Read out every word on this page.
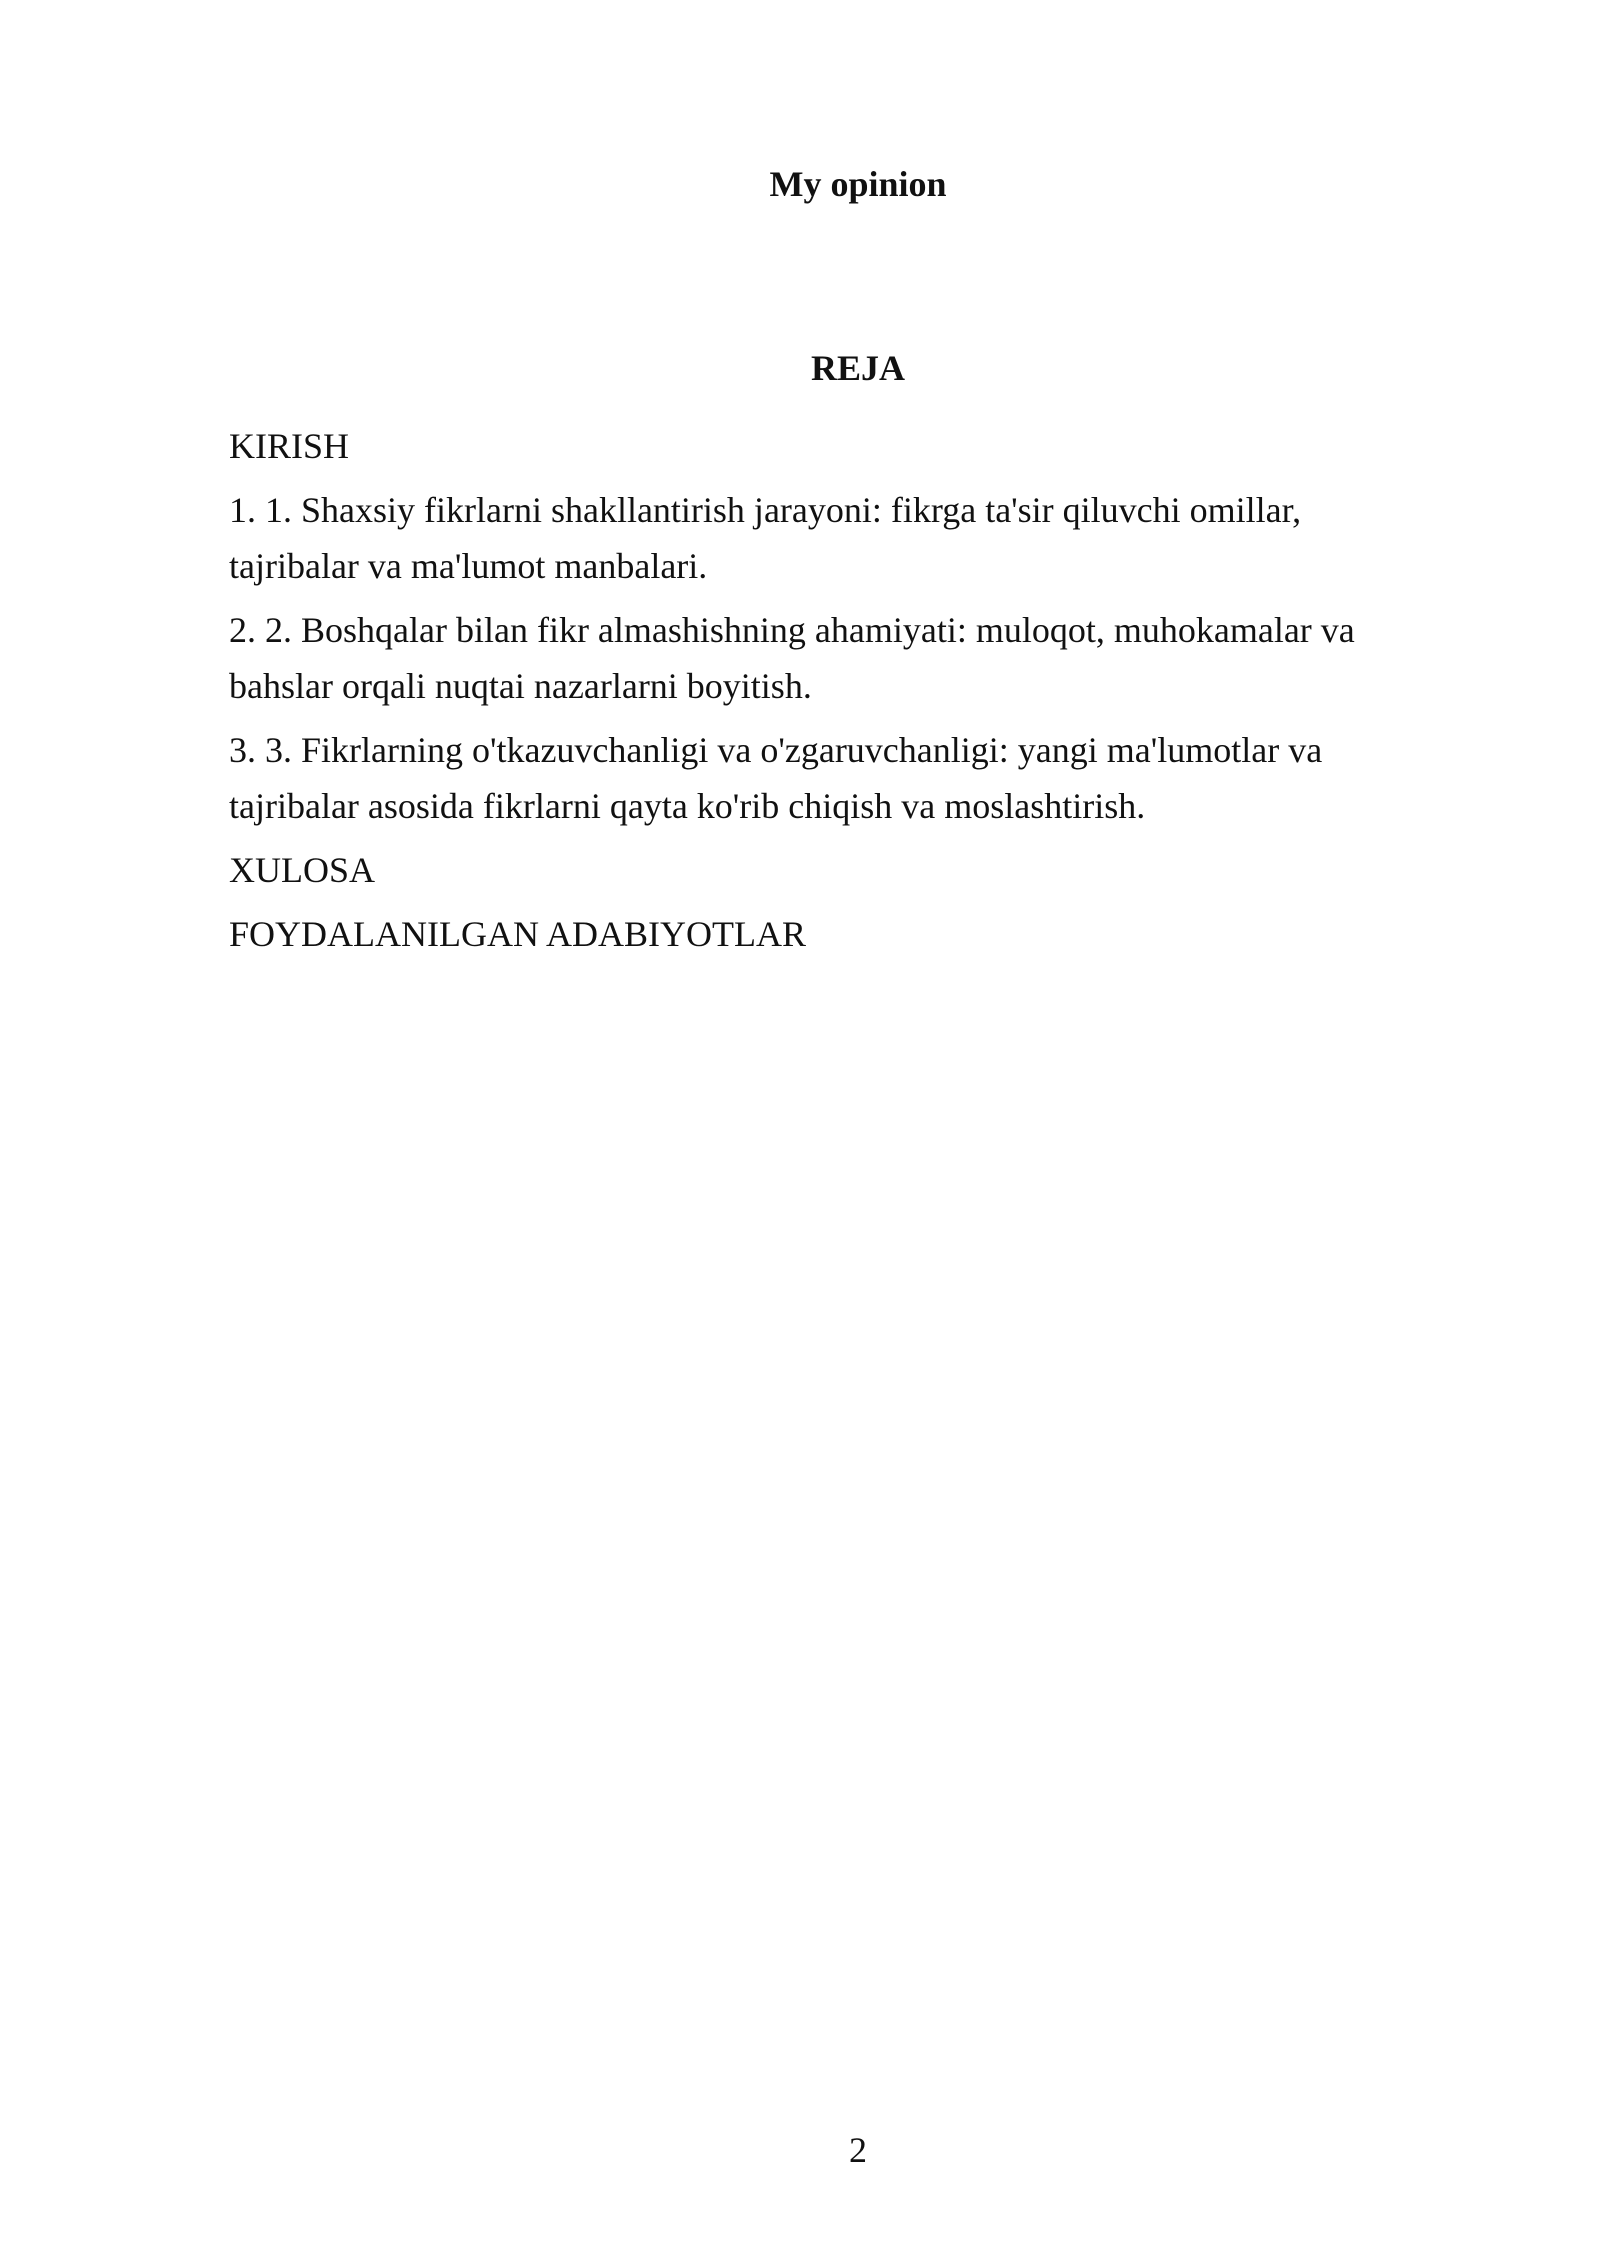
My opinion
REJA

KIRISH

1. 1. Shaxsiy fikrlarni shakllantirish jarayoni: fikrga ta'sir qiluvchi omillar, tajribalar va ma'lumot manbalari.

2. 2. Boshqalar bilan fikr almashishning ahamiyati: muloqot, muhokamalar va bahslar orqali nuqtai nazarlarni boyitish.

3. 3. Fikrlarning o'tkazuvchanligi va o'zgaruvchanligi: yangi ma'lumotlar va tajribalar asosida fikrlarni qayta ko'rib chiqish va moslashtirish.

XULOSA

FOYDALANILGAN ADABIYOTLAR

2
